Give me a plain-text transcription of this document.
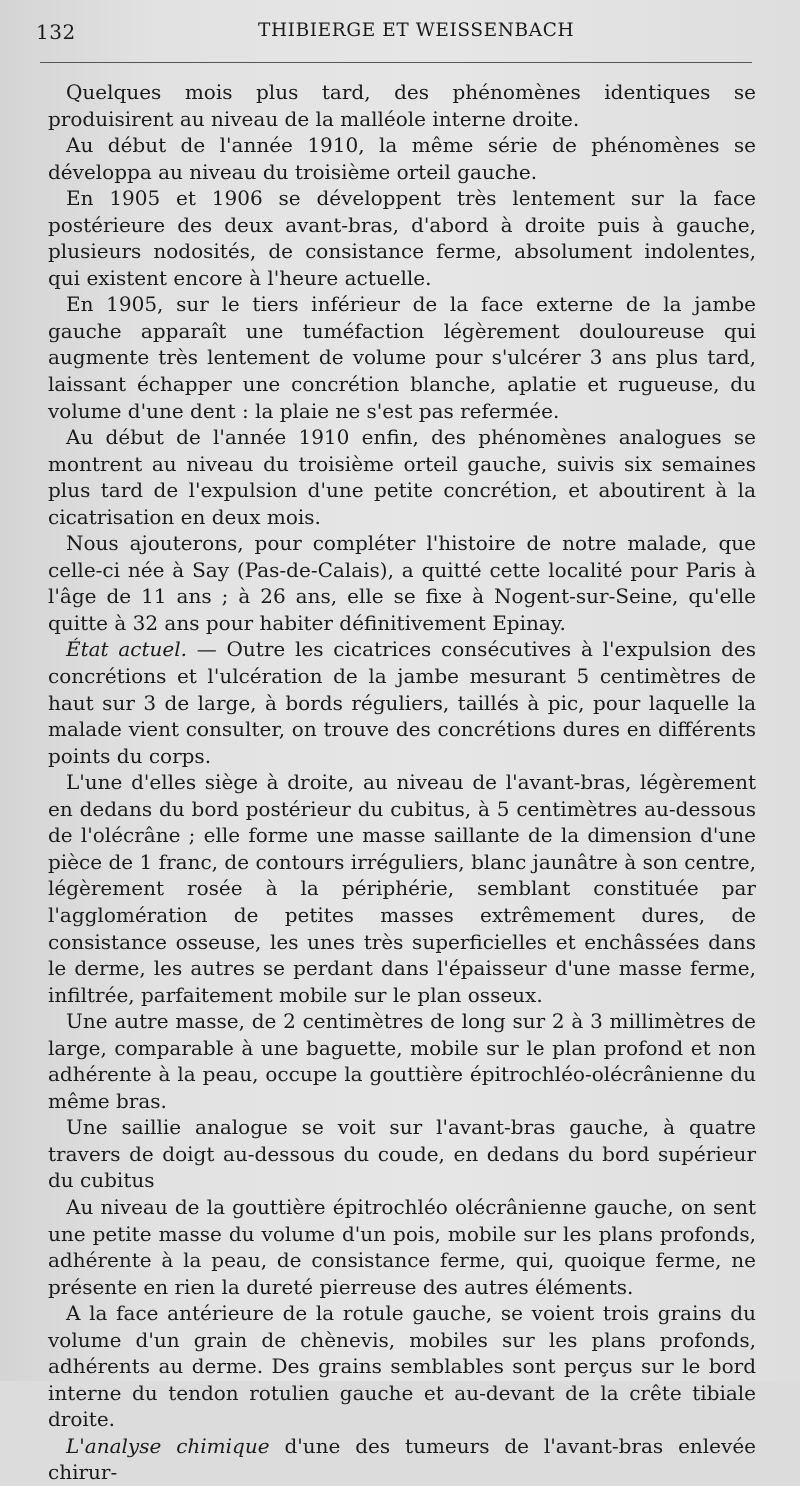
132	THIBIERGE ET WEISSENBACH

Quelques mois plus tard, des phénomènes identiques se produisirent au niveau de la malléole interne droite.

Au début de l'année 1910, la même série de phénomènes se développa au niveau du troisième orteil gauche.

En 1905 et 1906 se développent très lentement sur la face postérieure des deux avant-bras, d'abord à droite puis à gauche, plusieurs nodosités, de consistance ferme, absolument indolentes, qui existent encore à l'heure actuelle.

En 1905, sur le tiers inférieur de la face externe de la jambe gauche apparaît une tuméfaction légèrement douloureuse qui augmente très lentement de volume pour s'ulcérer 3 ans plus tard, laissant échapper une concrétion blanche, aplatie et rugueuse, du volume d'une dent : la plaie ne s'est pas refermée.

Au début de l'année 1910 enfin, des phénomènes analogues se montrent au niveau du troisième orteil gauche, suivis six semaines plus tard de l'expulsion d'une petite concrétion, et aboutirent à la cicatrisation en deux mois.

Nous ajouterons, pour compléter l'histoire de notre malade, que celle-ci née à Say (Pas-de-Calais), a quitté cette localité pour Paris à l'âge de 11 ans ; à 26 ans, elle se fixe à Nogent-sur-Seine, qu'elle quitte à 32 ans pour habiter définitivement Epinay.

État actuel. — Outre les cicatrices consécutives à l'expulsion des concrétions et l'ulcération de la jambe mesurant 5 centimètres de haut sur 3 de large, à bords réguliers, taillés à pic, pour laquelle la malade vient consulter, on trouve des concrétions dures en différents points du corps.

L'une d'elles siège à droite, au niveau de l'avant-bras, légèrement en dedans du bord postérieur du cubitus, à 5 centimètres au-dessous de l'olécrâne ; elle forme une masse saillante de la dimension d'une pièce de 1 franc, de contours irréguliers, blanc jaunâtre à son centre, légèrement rosée à la périphérie, semblant constituée par l'agglomération de petites masses extrêmement dures, de consistance osseuse, les unes très superficielles et enchâssées dans le derme, les autres se perdant dans l'épaisseur d'une masse ferme, infiltrée, parfaitement mobile sur le plan osseux.

Une autre masse, de 2 centimètres de long sur 2 à 3 millimètres de large, comparable à une baguette, mobile sur le plan profond et non adhérente à la peau, occupe la gouttière épitrochléo-olécrânienne du même bras.

Une saillie analogue se voit sur l'avant-bras gauche, à quatre travers de doigt au-dessous du coude, en dedans du bord supérieur du cubitus

Au niveau de la gouttière épitrochléo olécrânienne gauche, on sent une petite masse du volume d'un pois, mobile sur les plans profonds, adhérente à la peau, de consistance ferme, qui, quoique ferme, ne présente en rien la dureté pierreuse des autres éléments.

A la face antérieure de la rotule gauche, se voient trois grains du volume d'un grain de chènevis, mobiles sur les plans profonds, adhérents au derme. Des grains semblables sont perçus sur le bord interne du tendon rotulien gauche et au-devant de la crête tibiale droite.

L'analyse chimique d'une des tumeurs de l'avant-bras enlevée chirur-
